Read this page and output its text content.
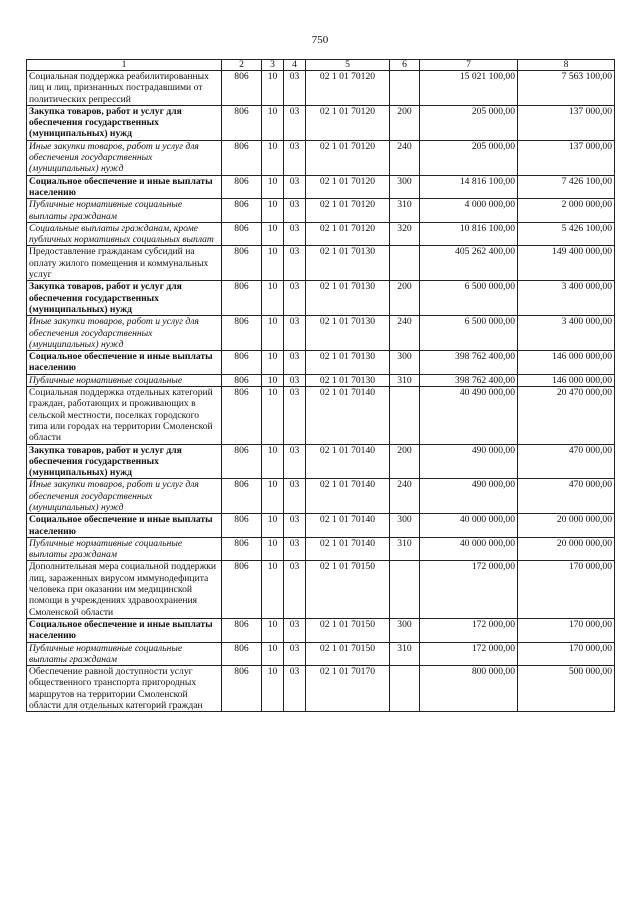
750
1	2	3	4	5	6	7	8
Социальная поддержка реабилитированных лиц и лиц, признанных пострадавшими от политических репрессий	806	10	03	02 1 01 70120		15 021 100,00	7 563 100,00
Закупка товаров, работ и услуг для обеспечения государственных (муниципальных) нужд	806	10	03	02 1 01 70120	200	205 000,00	137 000,00
Иные закупки товаров, работ и услуг для обеспечения государственных (муниципальных) нужд	806	10	03	02 1 01 70120	240	205 000,00	137 000,00
Социальное обеспечение и иные выплаты населению	806	10	03	02 1 01 70120	300	14 816 100,00	7 426 100,00
Публичные нормативные социальные выплаты гражданам	806	10	03	02 1 01 70120	310	4 000 000,00	2 000 000,00
Социальные выплаты гражданам, кроме публичных нормативных социальных выплат	806	10	03	02 1 01 70120	320	10 816 100,00	5 426 100,00
Предоставление гражданам субсидий на оплату жилого помещения и коммунальных услуг	806	10	03	02 1 01 70130		405 262 400,00	149 400 000,00
Закупка товаров, работ и услуг для обеспечения государственных (муниципальных) нужд	806	10	03	02 1 01 70130	200	6 500 000,00	3 400 000,00
Иные закупки товаров, работ и услуг для обеспечения государственных (муниципальных) нужд	806	10	03	02 1 01 70130	240	6 500 000,00	3 400 000,00
Социальное обеспечение и иные выплаты населению	806	10	03	02 1 01 70130	300	398 762 400,00	146 000 000,00
Публичные нормативные социальные	806	10	03	02 1 01 70130	310	398 762 400,00	146 000 000,00
Социальная поддержка отдельных категорий граждан, работающих и проживающих в сельской местности, поселках городского типа или городах на территории Смоленской области	806	10	03	02 1 01 70140		40 490 000,00	20 470 000,00
Закупка товаров, работ и услуг для обеспечения государственных (муниципальных) нужд	806	10	03	02 1 01 70140	200	490 000,00	470 000,00
Иные закупки товаров, работ и услуг для обеспечения государственных (муниципальных) нужд	806	10	03	02 1 01 70140	240	490 000,00	470 000,00
Социальное обеспечение и иные выплаты населению	806	10	03	02 1 01 70140	300	40 000 000,00	20 000 000,00
Публичные нормативные социальные выплаты гражданам	806	10	03	02 1 01 70140	310	40 000 000,00	20 000 000,00
Дополнительная мера социальной поддержки лиц, зараженных вирусом иммунодефицита человека при оказании им медицинской помощи в учреждениях здравоохранения Смоленской области	806	10	03	02 1 01 70150		172 000,00	170 000,00
Социальное обеспечение и иные выплаты населению	806	10	03	02 1 01 70150	300	172 000,00	170 000,00
Публичные нормативные социальные выплаты гражданам	806	10	03	02 1 01 70150	310	172 000,00	170 000,00
Обеспечение равной доступности услуг общественного транспорта пригородных маршрутов на территории Смоленской области для отдельных категорий граждан	806	10	03	02 1 01 70170		800 000,00	500 000,00
